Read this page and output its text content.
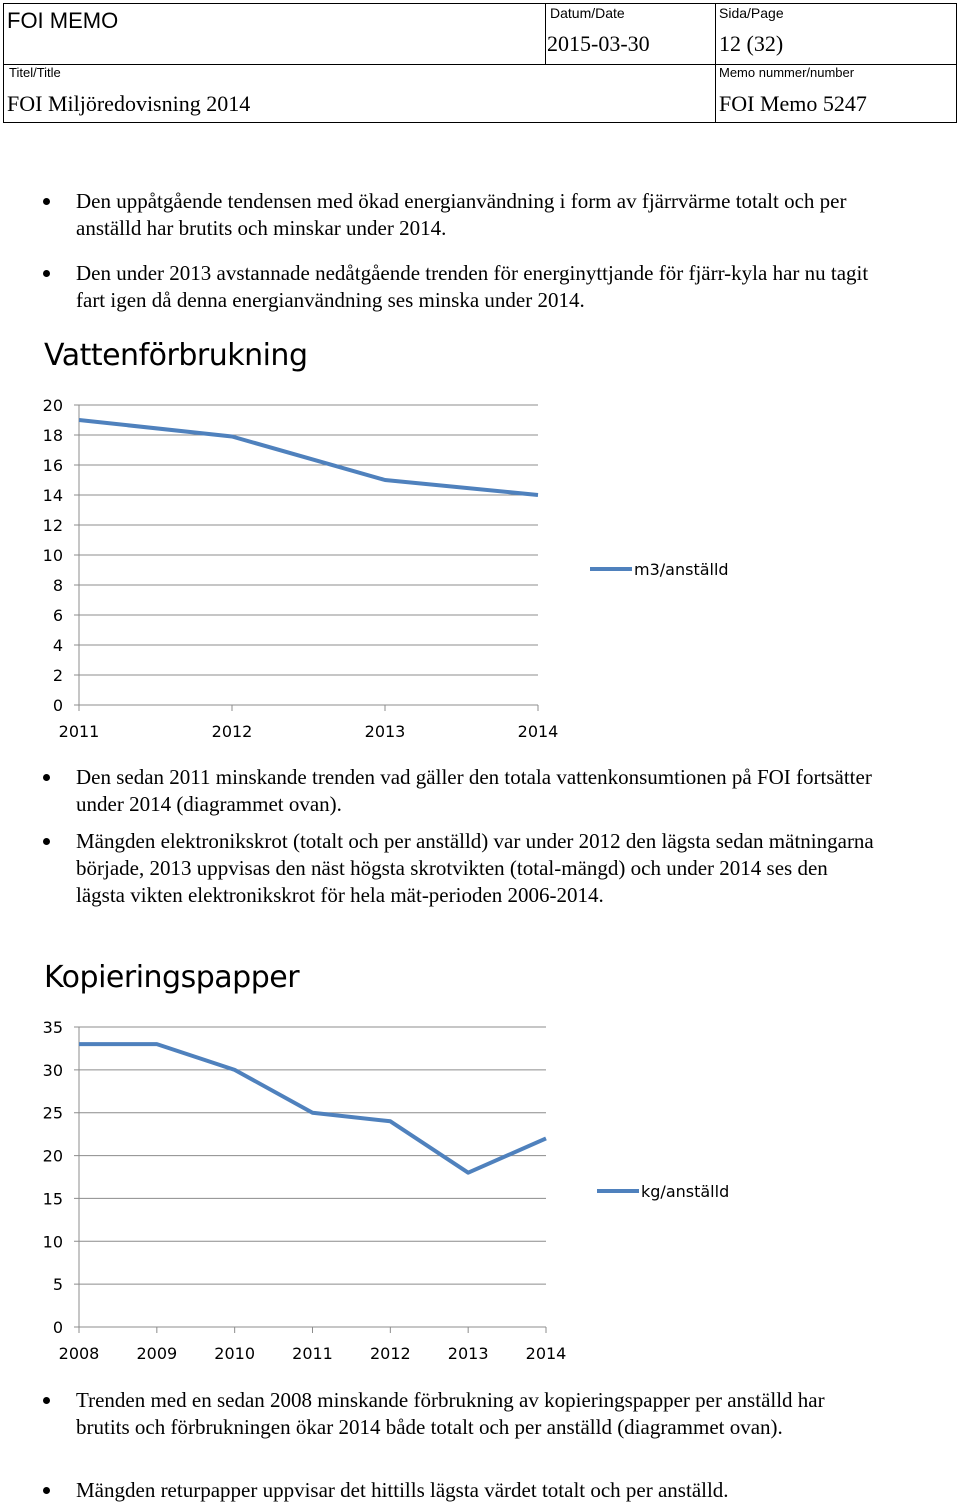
FOI MEMO	Datum/Date
2015-03-30
Sida/Page
12 (32)
Titel/Title
FOI Miljöredovisning 2014
Memo nummer/number
FOI Memo 5247
Den uppåtgående tendensen med ökad energianvändning i form av fjärrvärme totalt och per anställd har brutits och minskar under 2014.
Den under 2013 avstannade nedåtgående trenden för energinyttjande för fjärr-kyla har nu tagit fart igen då denna energianvändning ses minska under 2014.
Vattenförbrukning
0
2
4
6
8
10
12
14
16
18
20
2011	2012	2013	2014
m3/anställd
Den sedan 2011 minskande trenden vad gäller den totala vattenkonsumtionen på FOI fortsätter under 2014 (diagrammet ovan).
Mängden elektronikskrot (totalt och per anställd) var under 2012 den lägsta sedan mätningarna började, 2013 uppvisas den näst högsta skrotvikten (total-mängd) och under 2014 ses den lägsta vikten elektronikskrot för hela mät-perioden 2006-2014.
Kopieringspapper
0
5
10
15
20
25
30
35
2008 2009 2010 2011 2012 2013 2014
kg/anställd
Trenden med en sedan 2008 minskande förbrukning av kopieringspapper per anställd har brutits och förbrukningen ökar 2014 både totalt och per anställd (diagrammet ovan).
Mängden returpapper uppvisar det hittills lägsta värdet totalt och per anställd.
